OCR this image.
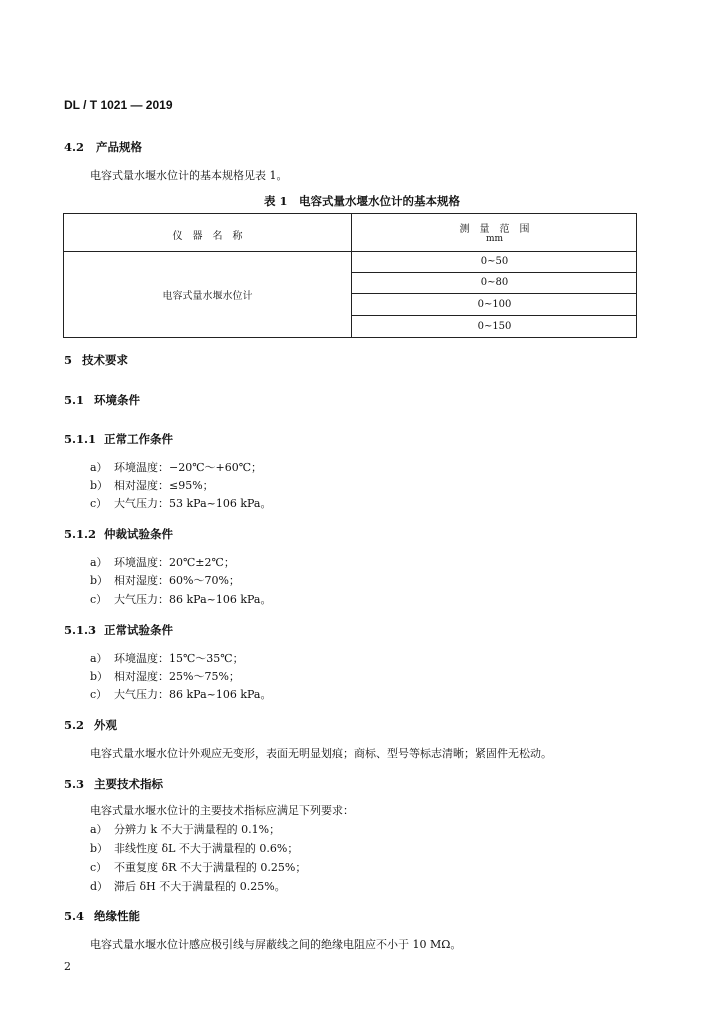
DL / T 1021 — 2019
4.2 产品规格
电容式量水堰水位计的基本规格见表 1。
表 1　电容式量水堰水位计的基本规格
仪　器　名　称
测　量　范　围
mm
电容式量水堰水位计
0~50
0~80
0~100
0~150
5 技术要求
5.1 环境条件
5.1.1 正常工作条件
a） 环境温度：−20℃～+60℃；
b） 相对湿度：≤95%；
c） 大气压力：53 kPa~106 kPa。
5.1.2 仲裁试验条件
a） 环境温度：20℃±2℃；
b） 相对湿度：60%～70%；
c） 大气压力：86 kPa~106 kPa。
5.1.3 正常试验条件
a） 环境温度：15℃～35℃；
b） 相对湿度：25%～75%；
c） 大气压力：86 kPa~106 kPa。
5.2 外观
电容式量水堰水位计外观应无变形，表面无明显划痕；商标、型号等标志清晰；紧固件无松动。
5.3 主要技术指标
电容式量水堰水位计的主要技术指标应满足下列要求：
a） 分辨力 k 不大于满量程的 0.1%；
b） 非线性度 δL 不大于满量程的 0.6%；
c） 不重复度 δR 不大于满量程的 0.25%；
d） 滞后 δH 不大于满量程的 0.25%。
5.4 绝缘性能
电容式量水堰水位计感应极引线与屏蔽线之间的绝缘电阻应不小于 10 MΩ。
2
